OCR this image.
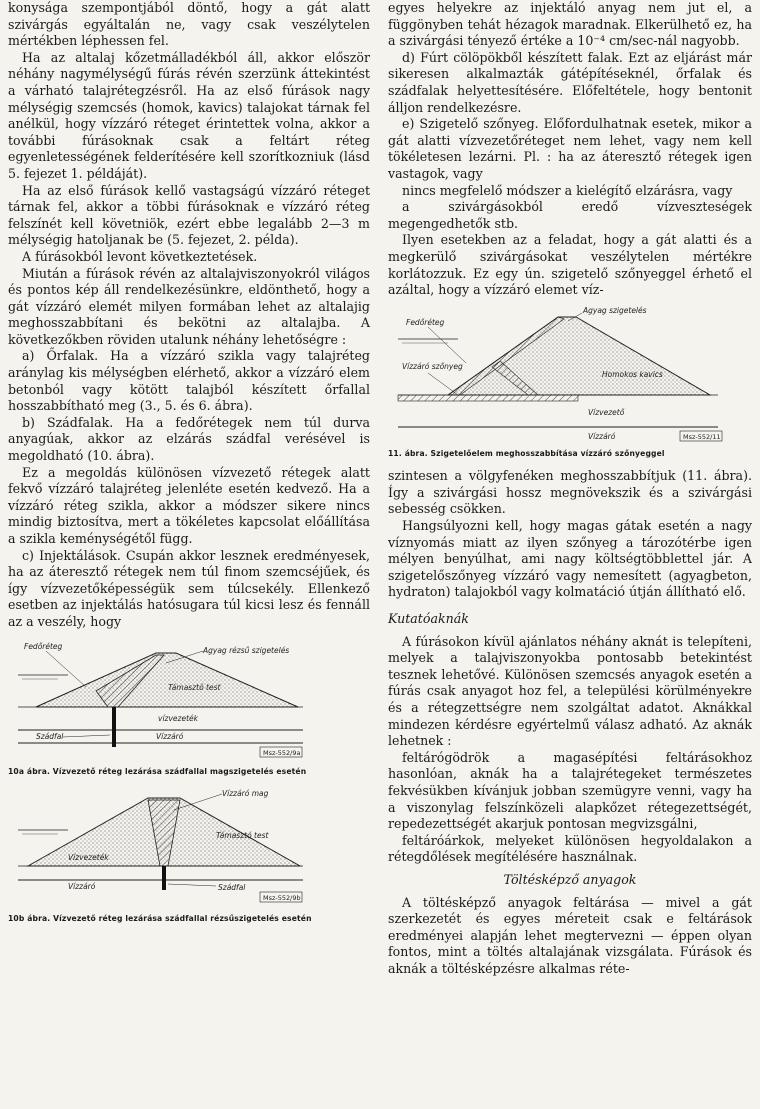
konysága szempontjából döntő, hogy a gát alatt szivárgás egyáltalán ne, vagy csak veszélytelen mértékben léphessen fel.

Ha az altalaj kőzetmálladékból áll, akkor először néhány nagymélységű fúrás révén szerzünk áttekintést a várható talajrétegzésről. Ha az első fúrások nagy mélységig szemcsés (homok, kavics) talajokat tárnak fel anélkül, hogy vízzáró réteget érintettek volna, akkor a további fúrásoknak csak a feltárt réteg egyenletességének felderítésére kell szorítkozniuk (lásd 5. fejezet 1. példáját).

Ha az első fúrások kellő vastagságú vízzáró réteget tárnak fel, akkor a többi fúrásoknak e vízzáró réteg felszínét kell követniök, ezért ebbe legalább 2—3 m mélységig hatoljanak be (5. fejezet, 2. példa).

A fúrásokból levont következtetések.

Miután a fúrások révén az altalajviszonyokról világos és pontos kép áll rendelkezésünkre, eldönthető, hogy a gát vízzáró elemét milyen formában lehet az altalajig meghosszabbítani és bekötni az altalajba. A következőkben röviden utalunk néhány lehetőségre :

a) Őrfalak. Ha a vízzáró szikla vagy talajréteg aránylag kis mélységben elérhető, akkor a vízzáró elem betonból vagy kötött talajból készített őrfallal hosszabbítható meg (3., 5. és 6. ábra).

b) Szádfalak. Ha a fedőrétegek nem túl durva anyagúak, akkor az elzárás szádfal verésével is megoldható (10. ábra).

Ez a megoldás különösen vízvezető rétegek alatt fekvő vízzáró talajréteg jelenléte esetén kedvező. Ha a vízzáró réteg szikla, akkor a módszer sikere nincs mindig biztosítva, mert a tökéletes kapcsolat előállítása a szikla keménységétől függ.

c) Injektálások. Csupán akkor lesznek eredményesek, ha az áteresztő rétegek nem túl finom szemcséjűek, és így vízvezetőképességük sem túlcsekély. Ellenkező esetben az injektálás hatósugara túl kicsi lesz és fennáll az a veszély, hogy

Fedőréteg	Agyag rézsű szigetelés
Támasztó test
vízvezeték
Szádfal	Vízzáró
Msz-552/9a
10a ábra. Vízvezető réteg lezárása szádfallal magszigetelés esetén
Vízzáró mag
Támasztó test
Vízvezeték
Vízzáró	Szádfal
Msz-552/9b
10b ábra. Vízvezető réteg lezárása szádfallal rézsűszigetelés esetén

egyes helyekre az injektáló anyag nem jut el, a függönyben tehát hézagok maradnak. Elkerülhető ez, ha a szivárgási tényező értéke a 10⁻⁴ cm/sec-nál nagyobb.

d) Fúrt cölöpökből készített falak. Ezt az eljárást már sikeresen alkalmazták gátépítéseknél, őrfalak és szádfalak helyettesítésére. Előfeltétele, hogy bentonit álljon rendelkezésre.

e) Szigetelő szőnyeg. Előfordulhatnak esetek, mikor a gát alatti vízvezetőréteget nem lehet, vagy nem kell tökéletesen lezárni. Pl. : ha az áteresztő rétegek igen vastagok, vagy

nincs megfelelő módszer a kielégítő elzárásra, vagy

a szivárgásokból eredő vízveszteségek megengedhetők stb.

Ilyen esetekben az a feladat, hogy a gát alatti és a megkerülő szivárgásokat veszélytelen mértékre korlátozzuk. Ez egy ún. szigetelő szőnyeggel érhető el azáltal, hogy a vízzáró elemet víz-

Fedőréteg
Agyag szigetelés
Vízzáró szőnyeg
Homokos kavics
Vízvezető
Vízzáró	Msz-552/11
11. ábra. Szigetelőelem meghosszabbítása vízzáró szőnyeggel

szintesen a völgyfenéken meghosszabbítjuk (11. ábra). Így a szivárgási hossz megnövekszik és a szivárgási sebesség csökken.

Hangsúlyozni kell, hogy magas gátak esetén a nagy víznyomás miatt az ilyen szőnyeg a tározótérbe igen mélyen benyúlhat, ami nagy költségtöbblettel jár. A szigetelőszőnyeg vízzáró vagy nemesített (agyagbeton, hydraton) talajokból vagy kolmatáció útján állítható elő.

Kutatóaknák

A fúrásokon kívül ajánlatos néhány aknát is telepíteni, melyek a talajviszonyokba pontosabb betekintést tesznek lehetővé. Különösen szemcsés anyagok esetén a fúrás csak anyagot hoz fel, a települési körülményekre és a rétegzettségre nem szolgáltat adatot. Aknákkal mindezen kérdésre egyértelmű válasz adható. Az aknák lehetnek :

feltárógödrök a magasépítési feltárásokhoz hasonlóan, aknák ha a talajrétegeket természetes fekvésükben kívánjuk jobban szemügyre venni, vagy ha a viszonylag felszínközeli alapkőzet rétegezettségét, repedezettségét akarjuk pontosan megvizsgálni,

feltáróárkok, melyeket különösen hegyoldalakon a rétegdőlések megítélésére használnak.

Töltésképző anyagok

A töltésképző anyagok feltárása — mivel a gát szerkezetét és egyes méreteit csak e feltárások eredményei alapján lehet megtervezni — éppen olyan fontos, mint a töltés altalajának vizsgálata. Fúrások és aknák a töltésképzésre alkalmas réte-
